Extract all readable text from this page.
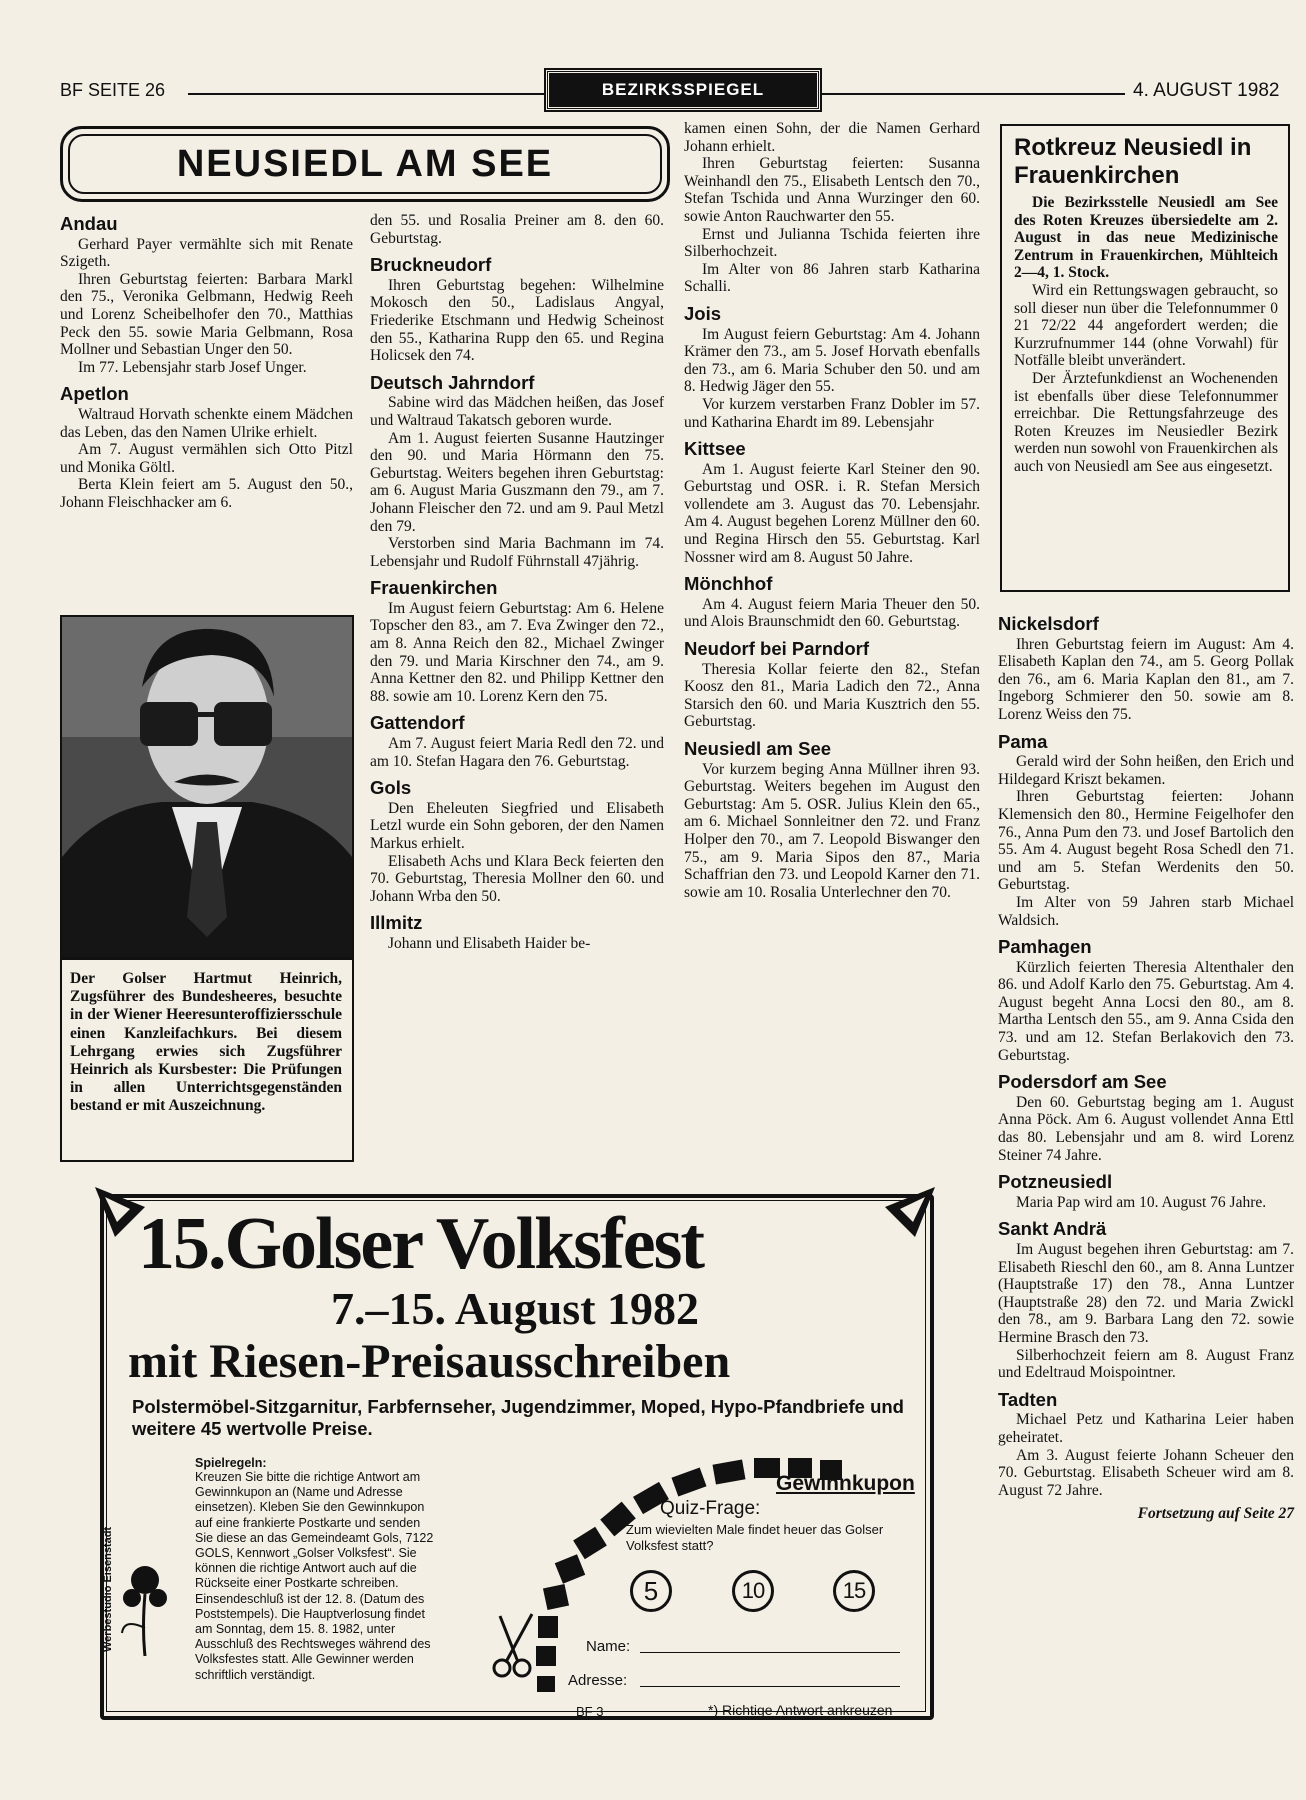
BF SEITE 26	BEZIRKSSPIEGEL	4. AUGUST 1982
NEUSIEDL AM SEE

Andau

Gerhard Payer vermählte sich mit Renate Szigeth.

Ihren Geburtstag feierten: Barbara Markl den 75., Veronika Gelbmann, Hedwig Reeh und Lorenz Scheibelhofer den 70., Matthias Peck den 55. sowie Maria Gelbmann, Rosa Mollner und Sebastian Unger den 50.

Im 77. Lebensjahr starb Josef Unger.

Apetlon

Waltraud Horvath schenkte einem Mädchen das Leben, das den Namen Ulrike erhielt.

Am 7. August vermählen sich Otto Pitzl und Monika Göltl.

Berta Klein feiert am 5. August den 50., Johann Fleischhacker am 6.

Der Golser Hartmut Heinrich, Zugsführer des Bundesheeres, besuchte in der Wiener Heeresunteroffiziersschule einen Kanzleifachkurs. Bei diesem Lehrgang erwies sich Zugsführer Heinrich als Kursbester: Die Prüfungen in allen Unterrichtsgegenständen bestand er mit Auszeichnung.

den 55. und Rosalia Preiner am 8. den 60. Geburtstag.

Bruckneudorf

Ihren Geburtstag begehen: Wilhelmine Mokosch den 50., Ladislaus Angyal, Friederike Etschmann und Hedwig Scheinost den 55., Katharina Rupp den 65. und Regina Holicsek den 74.

Deutsch Jahrndorf

Sabine wird das Mädchen heißen, das Josef und Waltraud Takatsch geboren wurde.

Am 1. August feierten Susanne Hautzinger den 90. und Maria Hörmann den 75. Geburtstag. Weiters begehen ihren Geburtstag: am 6. August Maria Guszmann den 79., am 7. Johann Fleischer den 72. und am 9. Paul Metzl den 79.

Verstorben sind Maria Bachmann im 74. Lebensjahr und Rudolf Führnstall 47jährig.

Frauenkirchen

Im August feiern Geburtstag: Am 6. Helene Topscher den 83., am 7. Eva Zwinger den 72., am 8. Anna Reich den 82., Michael Zwinger den 79. und Maria Kirschner den 74., am 9. Anna Kettner den 82. und Philipp Kettner den 88. sowie am 10. Lorenz Kern den 75.

Gattendorf

Am 7. August feiert Maria Redl den 72. und am 10. Stefan Hagara den 76. Geburtstag.

Gols

Den Eheleuten Siegfried und Elisabeth Letzl wurde ein Sohn geboren, der den Namen Markus erhielt.

Elisabeth Achs und Klara Beck feierten den 70. Geburtstag, Theresia Mollner den 60. und Johann Wrba den 50.

Illmitz

Johann und Elisabeth Haider be-

kamen einen Sohn, der die Namen Gerhard Johann erhielt.

Ihren Geburtstag feierten: Susanna Weinhandl den 75., Elisabeth Lentsch den 70., Stefan Tschida und Anna Wurzinger den 60. sowie Anton Rauchwarter den 55.

Ernst und Julianna Tschida feierten ihre Silberhochzeit.

Im Alter von 86 Jahren starb Katharina Schalli.

Jois

Im August feiern Geburtstag: Am 4. Johann Krämer den 73., am 5. Josef Horvath ebenfalls den 73., am 6. Maria Schuber den 50. und am 8. Hedwig Jäger den 55.

Vor kurzem verstarben Franz Dobler im 57. und Katharina Ehardt im 89. Lebensjahr

Kittsee

Am 1. August feierte Karl Steiner den 90. Geburtstag und OSR. i. R. Stefan Mersich vollendete am 3. August das 70. Lebensjahr. Am 4. August begehen Lorenz Müllner den 60. und Regina Hirsch den 55. Geburtstag. Karl Nossner wird am 8. August 50 Jahre.

Mönchhof

Am 4. August feiern Maria Theuer den 50. und Alois Braunschmidt den 60. Geburtstag.

Neudorf bei Parndorf

Theresia Kollar feierte den 82., Stefan Koosz den 81., Maria Ladich den 72., Anna Starsich den 60. und Maria Kusztrich den 55. Geburtstag.

Neusiedl am See

Vor kurzem beging Anna Müllner ihren 93. Geburtstag. Weiters begehen im August den Geburtstag: Am 5. OSR. Julius Klein den 65., am 6. Michael Sonnleitner den 72. und Franz Holper den 70., am 7. Leopold Biswanger den 75., am 9. Maria Sipos den 87., Maria Schaffrian den 73. und Leopold Karner den 71. sowie am 10. Rosalia Unterlechner den 70.

Rotkreuz Neusiedl in Frauenkirchen

Die Bezirksstelle Neusiedl am See des Roten Kreuzes übersiedelte am 2. August in das neue Medizinische Zentrum in Frauenkirchen, Mühlteich 2—4, 1. Stock.

Wird ein Rettungswagen gebraucht, so soll dieser nun über die Telefonnummer 0 21 72/22 44 angefordert werden; die Kurzrufnummer 144 (ohne Vorwahl) für Notfälle bleibt unverändert.

Der Ärztefunkdienst an Wochenenden ist ebenfalls über diese Telefonnummer erreichbar. Die Rettungsfahrzeuge des Roten Kreuzes im Neusiedler Bezirk werden nun sowohl von Frauenkirchen als auch von Neusiedl am See aus eingesetzt.

Nickelsdorf

Ihren Geburtstag feiern im August: Am 4. Elisabeth Kaplan den 74., am 5. Georg Pollak den 76., am 6. Maria Kaplan den 81., am 7. Ingeborg Schmierer den 50. sowie am 8. Lorenz Weiss den 75.

Pama

Gerald wird der Sohn heißen, den Erich und Hildegard Kriszt bekamen.

Ihren Geburtstag feierten: Johann Klemensich den 80., Hermine Feigelhofer den 76., Anna Pum den 73. und Josef Bartolich den 55. Am 4. August begeht Rosa Schedl den 71. und am 5. Stefan Werdenits den 50. Geburtstag.

Im Alter von 59 Jahren starb Michael Waldsich.

Pamhagen

Kürzlich feierten Theresia Altenthaler den 86. und Adolf Karlo den 75. Geburtstag. Am 4. August begeht Anna Locsi den 80., am 8. Martha Lentsch den 55., am 9. Anna Csida den 73. und am 12. Stefan Berlakovich den 73. Geburtstag.

Podersdorf am See

Den 60. Geburtstag beging am 1. August Anna Pöck. Am 6. August vollendet Anna Ettl das 80. Lebensjahr und am 8. wird Lorenz Steiner 74 Jahre.

Potzneusiedl

Maria Pap wird am 10. August 76 Jahre.

Sankt Andrä

Im August begehen ihren Geburtstag: am 7. Elisabeth Rieschl den 60., am 8. Anna Luntzer (Hauptstraße 17) den 78., Anna Luntzer (Hauptstraße 28) den 72. und Maria Zwickl den 78., am 9. Barbara Lang den 72. sowie Hermine Brasch den 73.

Silberhochzeit feiern am 8. August Franz und Edeltraud Moispointner.

Tadten

Michael Petz und Katharina Leier haben geheiratet.

Am 3. August feierte Johann Scheuer den 70. Geburtstag. Elisabeth Scheuer wird am 8. August 72 Jahre.

Fortsetzung auf Seite 27
15.Golser Volksfest
7.–15. August 1982
mit Riesen-Preisausschreiben
Polstermöbel-Sitzgarnitur, Farbfernseher, Jugendzimmer, Moped, Hypo-Pfandbriefe und weitere 45 wertvolle Preise.
Werbestudio Eisenstadt
Spielregeln:
Kreuzen Sie bitte die richtige Antwort am Gewinnkupon an (Name und Adresse einsetzen). Kleben Sie den Gewinnkupon auf eine frankierte Postkarte und senden Sie diese an das Gemeindeamt Gols, 7122 GOLS, Kennwort „Golser Volksfest“. Sie können die richtige Antwort auch auf die Rückseite einer Postkarte schreiben. Einsendeschluß ist der 12. 8. (Datum des Poststempels). Die Hauptverlosung findet am Sonntag, dem 15. 8. 1982, unter Ausschluß des Rechtsweges während des Volksfestes statt. Alle Gewinner werden schriftlich verständigt.
Gewinnkupon
Quiz-Frage:
Zum wievielten Male findet heuer das Golser Volksfest statt?
5	10	15
Name:
Adresse:
BF 3	*) Richtige Antwort ankreuzen
